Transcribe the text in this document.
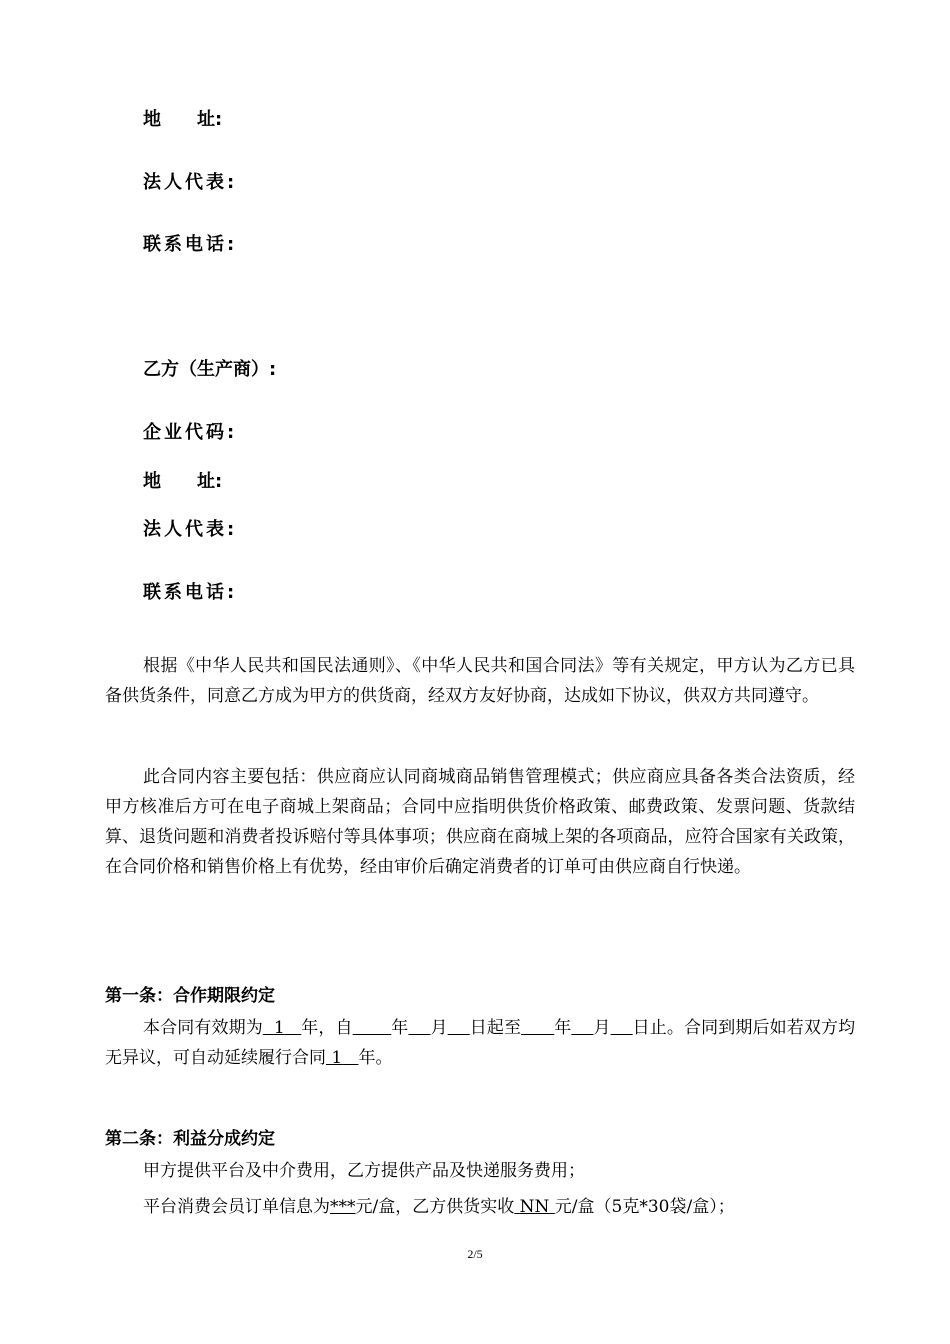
地 址:
法人代表:
联系电话:
乙方（生产商）:
企业代码:
地 址:
法人代表:
联系电话:
根据《中华人民共和国民法通则》、《中华人民共和国合同法》等有关规定，甲方认为乙方已具备供货条件，同意乙方成为甲方的供货商，经双方友好协商，达成如下协议，供双方共同遵守。
此合同内容主要包括：供应商应认同商城商品销售管理模式；供应商应具备各类合法资质，经甲方核准后方可在电子商城上架商品；合同中应指明供货价格政策、邮费政策、发票问题、货款结算、退货问题和消费者投诉赔付等具体事项；供应商在商城上架的各项商品，应符合国家有关政策，在合同价格和销售价格上有优势，经由审价后确定消费者的订单可由供应商自行快递。
第一条：合作期限约定
本合同有效期为 1 年，自 年 月 日起至 年 月 日止。合同到期后如若双方均无异议，可自动延续履行合同 1 年。
第二条：利益分成约定
甲方提供平台及中介费用，乙方提供产品及快递服务费用；
平台消费会员订单信息为***元/盒，乙方供货实收 NN 元/盒（5克*30袋/盒）；
2/5
